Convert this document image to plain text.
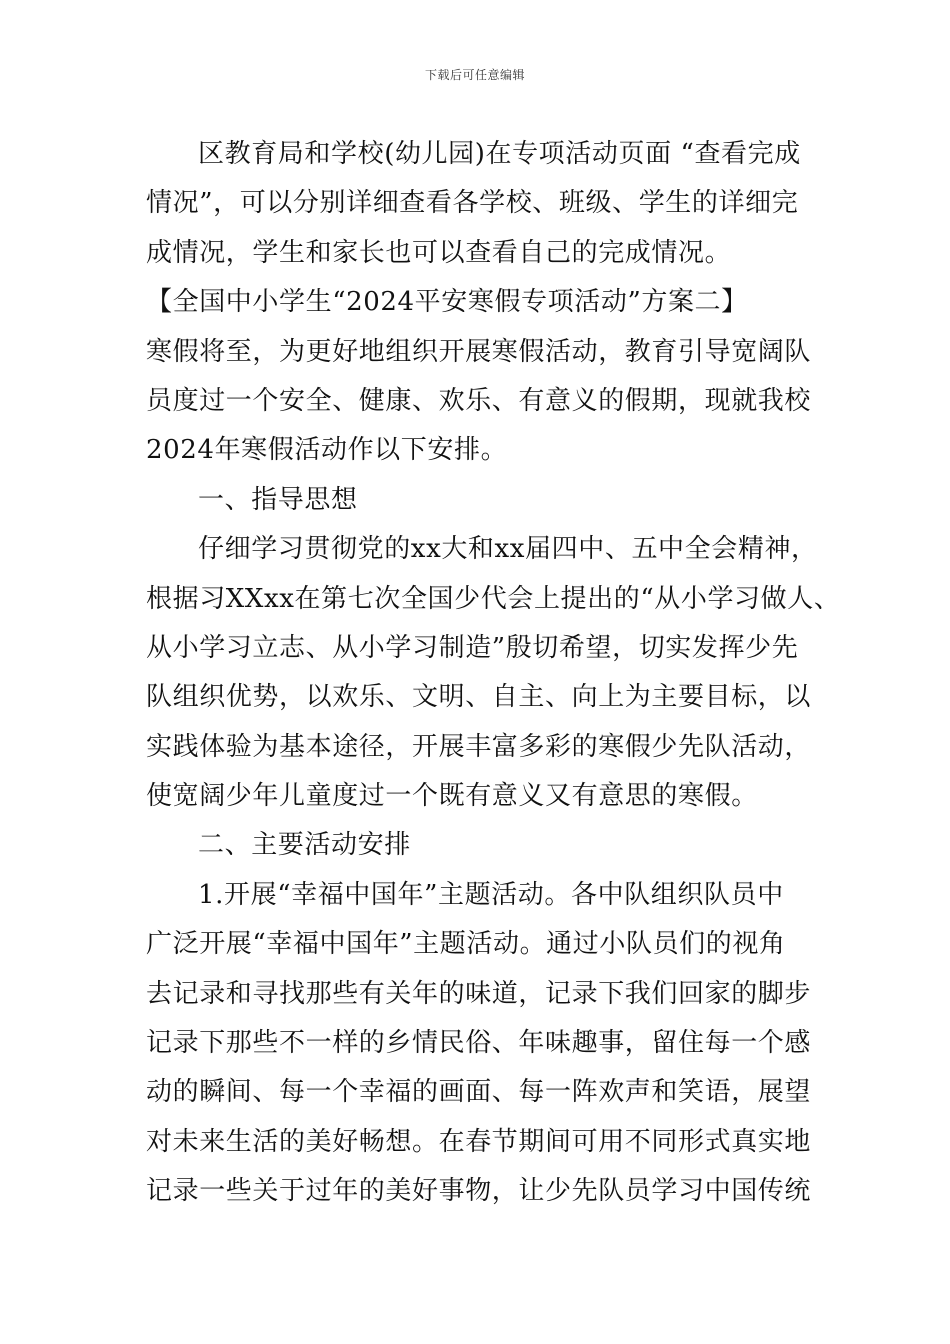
下载后可任意编辑
区教育局和学校(幼儿园)在专项活动页面 “查看完成
情况”，可以分别详细查看各学校、班级、学生的详细完
成情况，学生和家长也可以查看自己的完成情况。
【全国中小学生“2024平安寒假专项活动”方案二】
寒假将至，为更好地组织开展寒假活动，教育引导宽阔队
员度过一个安全、健康、欢乐、有意义的假期，现就我校
2024年寒假活动作以下安排。
一、指导思想
仔细学习贯彻党的xx大和xx届四中、五中全会精神，
根据习XXxx在第七次全国少代会上提出的“从小学习做人、
从小学习立志、从小学习制造”殷切希望，切实发挥少先
队组织优势，以欢乐、文明、自主、向上为主要目标，以
实践体验为基本途径，开展丰富多彩的寒假少先队活动，
使宽阔少年儿童度过一个既有意义又有意思的寒假。
二、主要活动安排
1.开展“幸福中国年”主题活动。各中队组织队员中
广泛开展“幸福中国年”主题活动。通过小队员们的视角
去记录和寻找那些有关年的味道，记录下我们回家的脚步
记录下那些不一样的乡情民俗、年味趣事，留住每一个感
动的瞬间、每一个幸福的画面、每一阵欢声和笑语，展望
对未来生活的美好畅想。在春节期间可用不同形式真实地
记录一些关于过年的美好事物，让少先队员学习中国传统
